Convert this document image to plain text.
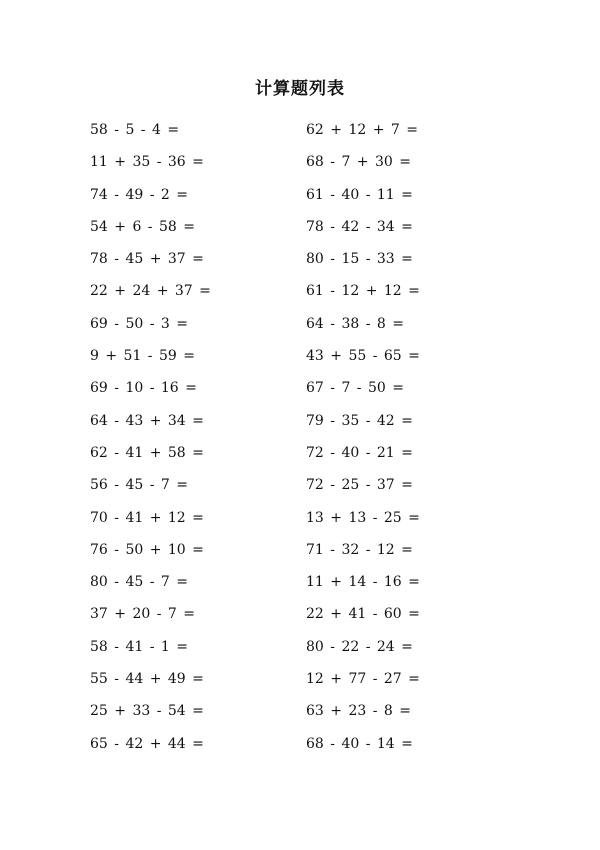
计算题列表
58 - 5 - 4 =
11 + 35 - 36 =
74 - 49 - 2 =
54 + 6 - 58 =
78 - 45 + 37 =
22 + 24 + 37 =
69 - 50 - 3 =
9 + 51 - 59 =
69 - 10 - 16 =
64 - 43 + 34 =
62 - 41 + 58 =
56 - 45 - 7 =
70 - 41 + 12 =
76 - 50 + 10 =
80 - 45 - 7 =
37 + 20 - 7 =
58 - 41 - 1 =
55 - 44 + 49 =
25 + 33 - 54 =
65 - 42 + 44 =
62 + 12 + 7 =
68 - 7 + 30 =
61 - 40 - 11 =
78 - 42 - 34 =
80 - 15 - 33 =
61 - 12 + 12 =
64 - 38 - 8 =
43 + 55 - 65 =
67 - 7 - 50 =
79 - 35 - 42 =
72 - 40 - 21 =
72 - 25 - 37 =
13 + 13 - 25 =
71 - 32 - 12 =
11 + 14 - 16 =
22 + 41 - 60 =
80 - 22 - 24 =
12 + 77 - 27 =
63 + 23 - 8 =
68 - 40 - 14 =
